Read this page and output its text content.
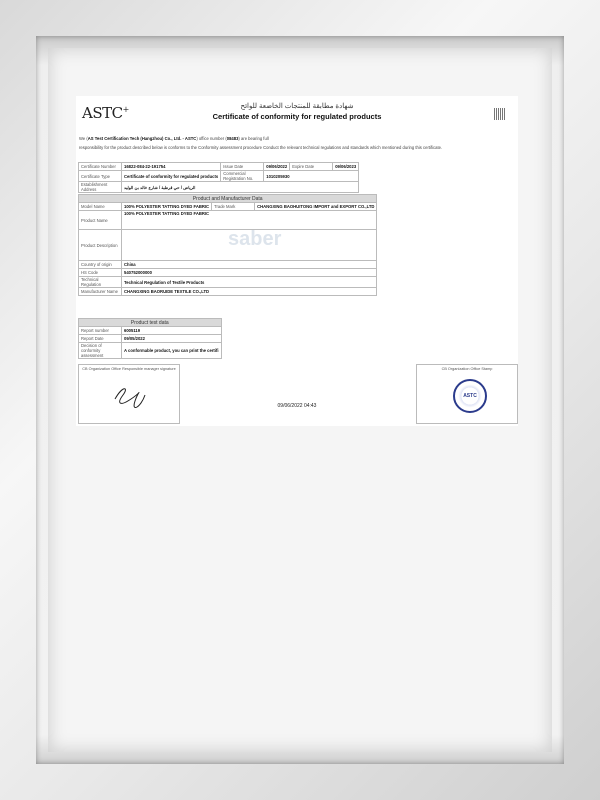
ASTC+	شهادة مطابقة للمنتجات الخاضعة للوائح
Certificate of conformity for regulated products
We (AS Test Certification Tech (Hangzhou) Co., Ltd. - ASTC) office number (08483) are bearing full
responsibility for the product described below is conforms to the Conformity assessment procedure Conduct the relevant technical regulations and standards which mentioned during this certificate.
Certificate Number	16822-084-22-191754	Issue Date	09/06/2022	Expire Date	09/06/2023
Certificate Type	Certificate of conformity for regulated products	Commercial Registration No.	1010205930		
Establishment Address	الرياض / حي قرطبة / شارع خالد بن الوليد				
Product and Manufacturer Data			
Model Name	100% POLYESTER TATTING DYED FABRIC	Trade Mark	CHANGXING BAOHUITONG IMPORT and EXPORT CO.,LTD
Product Name	100% POLYESTER TATTING DYED FABRIC		
Product Description			
Country of origin	China		
HS Code	540752000000		
Technical Regulation	Technical Regulation of Textile Products		
Manufacturer Name	CHANGXING BAORUIDE TEXTILE CO.,LTD		
saber
Product test data	
Report number	6005119
Report Date	09/05/2022
Decision of conformity assessment	A conformable product, you can print the certifi
CB Organization Office Responsible manager signature	CB Organization Office Stamp
ASTC
09/06/2022 04:43
